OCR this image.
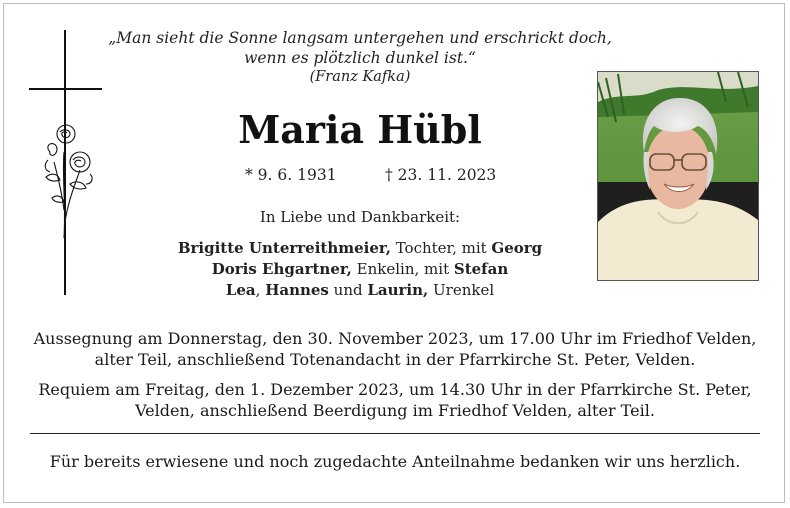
„Man sieht die Sonne langsam untergehen und erschrickt doch,
wenn es plötzlich dunkel ist.“
(Franz Kafka)
Maria Hübl
* 9. 6. 1931	† 23. 11. 2023
In Liebe und Dankbarkeit:
Brigitte Unterreithmeier, Tochter, mit Georg
Doris Ehgartner, Enkelin, mit Stefan
Lea, Hannes und Laurin, Urenkel
Aussegnung am Donnerstag, den 30. November 2023, um 17.00 Uhr im Friedhof Velden,
alter Teil, anschließend Totenandacht in der Pfarrkirche St. Peter, Velden.
Requiem am Freitag, den 1. Dezember 2023, um 14.30 Uhr in der Pfarrkirche St. Peter,
Velden, anschließend Beerdigung im Friedhof Velden, alter Teil.
Für bereits erwiesene und noch zugedachte Anteilnahme bedanken wir uns herzlich.
